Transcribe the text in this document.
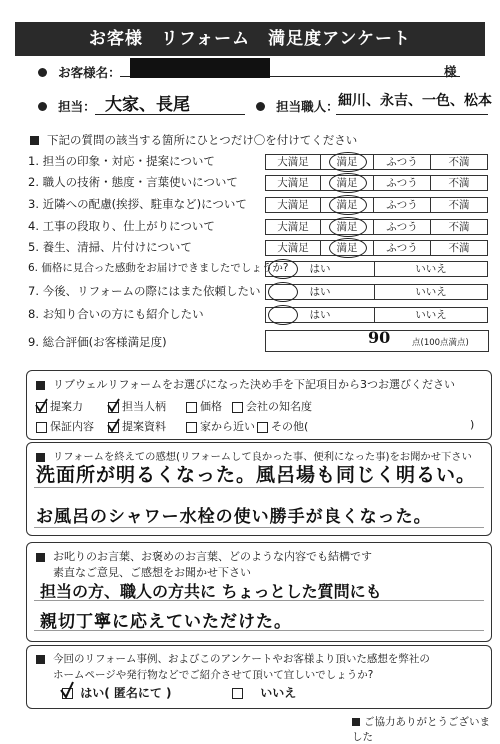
お客様　リフォーム　満足度アンケート
お客様名：	様
担当： 大家、長尾	担当職人： 細川、永吉、一色、松本
下記の質問の該当する箇所にひとつだけ〇を付けてください
1. 担当の印象・対応・提案について	大満足	満足	ふつう	不満
2. 職人の技術・態度・言葉使いについて	大満足	満足	ふつう	不満
3. 近隣への配慮(挨拶、駐車など)について	大満足	満足	ふつう	不満
4. 工事の段取り、仕上がりについて	大満足	満足	ふつう	不満
5. 養生、清掃、片付けについて	大満足	満足	ふつう	不満
6. 価格に見合った感動をお届けできましたでしょうか?	はい	いいえ
7. 今後、リフォームの際にはまた依頼したい	はい	いいえ
8. お知り合いの方にも紹介したい	はい	いいえ
9. 総合評価(お客様満足度)	90	点(100点満点)
リブウェルリフォームをお選びになった決め手を下記項目から3つお選びください
提案力	担当人柄	価格	会社の知名度
保証内容	提案資料	家から近い	その他(	)
リフォームを終えての感想(リフォームして良かった事、便利になった事)をお聞かせ下さい
洗面所が明るくなった。風呂場も同じく明るい。
お風呂のシャワー水栓の使い勝手が良くなった。
お叱りのお言葉、お褒めのお言葉、どのような内容でも結構です
素直なご意見、ご感想をお聞かせ下さい
担当の方、職人の方共に ちょっとした質問にも
親切丁寧に応えていただけた。
今回のリフォーム事例、およびこのアンケートやお客様より頂いた感想を弊社の
ホームページや発行物などでご紹介させて頂いて宜しいでしょうか?
はい( 匿名にて )	いいえ
ご協力ありがとうございました
